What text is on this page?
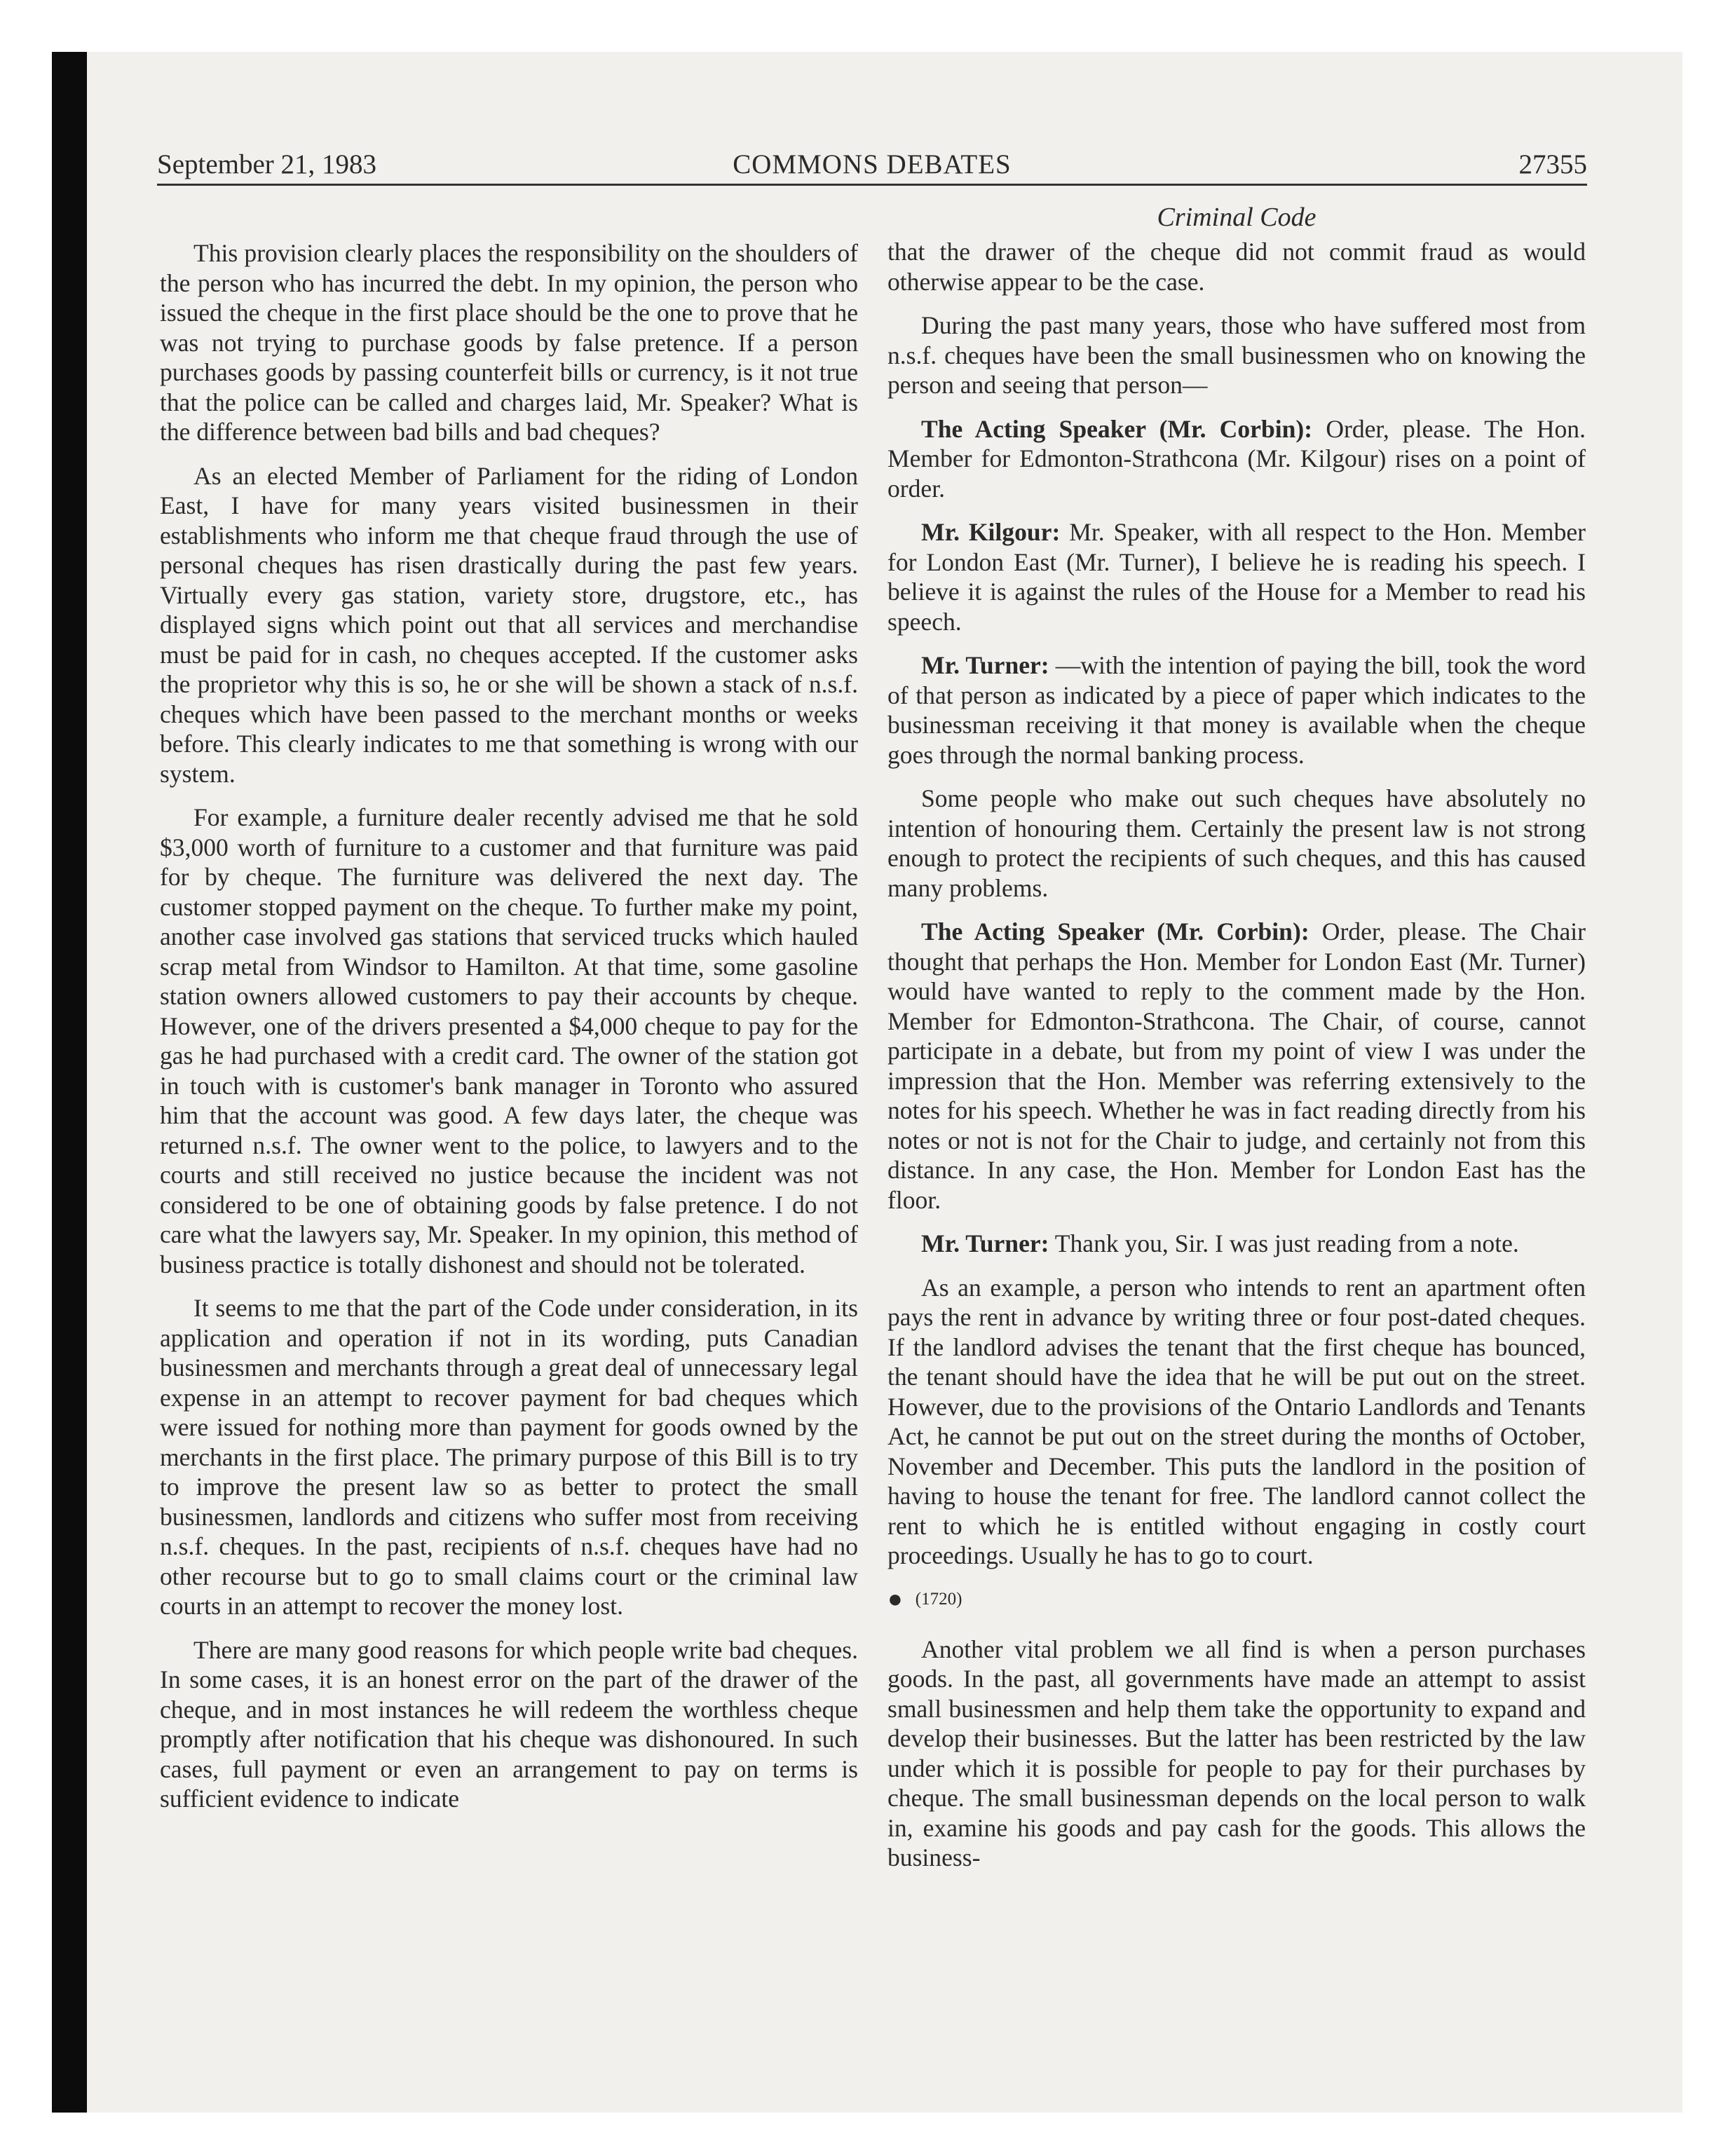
September 21, 1983	COMMONS DEBATES	27355
Criminal Code

This provision clearly places the responsibility on the shoulders of the person who has incurred the debt. In my opinion, the person who issued the cheque in the first place should be the one to prove that he was not trying to purchase goods by false pretence. If a person purchases goods by passing counterfeit bills or currency, is it not true that the police can be called and charges laid, Mr. Speaker? What is the difference between bad bills and bad cheques?

As an elected Member of Parliament for the riding of London East, I have for many years visited businessmen in their establishments who inform me that cheque fraud through the use of personal cheques has risen drastically during the past few years. Virtually every gas station, variety store, drugstore, etc., has displayed signs which point out that all services and merchandise must be paid for in cash, no cheques accepted. If the customer asks the proprietor why this is so, he or she will be shown a stack of n.s.f. cheques which have been passed to the merchant months or weeks before. This clearly indicates to me that something is wrong with our system.

For example, a furniture dealer recently advised me that he sold $3,000 worth of furniture to a customer and that furniture was paid for by cheque. The furniture was delivered the next day. The customer stopped payment on the cheque. To further make my point, another case involved gas stations that serviced trucks which hauled scrap metal from Windsor to Hamilton. At that time, some gasoline station owners allowed customers to pay their accounts by cheque. However, one of the drivers presented a $4,000 cheque to pay for the gas he had purchased with a credit card. The owner of the station got in touch with is customer's bank manager in Toronto who assured him that the account was good. A few days later, the cheque was returned n.s.f. The owner went to the police, to lawyers and to the courts and still received no justice because the incident was not considered to be one of obtaining goods by false pretence. I do not care what the lawyers say, Mr. Speaker. In my opinion, this method of business practice is totally dishonest and should not be tolerated.

It seems to me that the part of the Code under consideration, in its application and operation if not in its wording, puts Canadian businessmen and merchants through a great deal of unnecessary legal expense in an attempt to recover payment for bad cheques which were issued for nothing more than payment for goods owned by the merchants in the first place. The primary purpose of this Bill is to try to improve the present law so as better to protect the small businessmen, landlords and citizens who suffer most from receiving n.s.f. cheques. In the past, recipients of n.s.f. cheques have had no other recourse but to go to small claims court or the criminal law courts in an attempt to recover the money lost.

There are many good reasons for which people write bad cheques. In some cases, it is an honest error on the part of the drawer of the cheque, and in most instances he will redeem the worthless cheque promptly after notification that his cheque was dishonoured. In such cases, full payment or even an arrangement to pay on terms is sufficient evidence to indicate

that the drawer of the cheque did not commit fraud as would otherwise appear to be the case.

During the past many years, those who have suffered most from n.s.f. cheques have been the small businessmen who on knowing the person and seeing that person—

The Acting Speaker (Mr. Corbin): Order, please. The Hon. Member for Edmonton-Strathcona (Mr. Kilgour) rises on a point of order.

Mr. Kilgour: Mr. Speaker, with all respect to the Hon. Member for London East (Mr. Turner), I believe he is reading his speech. I believe it is against the rules of the House for a Member to read his speech.

Mr. Turner: —with the intention of paying the bill, took the word of that person as indicated by a piece of paper which indicates to the businessman receiving it that money is available when the cheque goes through the normal banking process.

Some people who make out such cheques have absolutely no intention of honouring them. Certainly the present law is not strong enough to protect the recipients of such cheques, and this has caused many problems.

The Acting Speaker (Mr. Corbin): Order, please. The Chair thought that perhaps the Hon. Member for London East (Mr. Turner) would have wanted to reply to the comment made by the Hon. Member for Edmonton-Strathcona. The Chair, of course, cannot participate in a debate, but from my point of view I was under the impression that the Hon. Member was referring extensively to the notes for his speech. Whether he was in fact reading directly from his notes or not is not for the Chair to judge, and certainly not from this distance. In any case, the Hon. Member for London East has the floor.

Mr. Turner: Thank you, Sir. I was just reading from a note.

As an example, a person who intends to rent an apartment often pays the rent in advance by writing three or four post-dated cheques. If the landlord advises the tenant that the first cheque has bounced, the tenant should have the idea that he will be put out on the street. However, due to the provisions of the Ontario Landlords and Tenants Act, he cannot be put out on the street during the months of October, November and December. This puts the landlord in the position of having to house the tenant for free. The landlord cannot collect the rent to which he is entitled without engaging in costly court proceedings. Usually he has to go to court.

● (1720)

Another vital problem we all find is when a person purchases goods. In the past, all governments have made an attempt to assist small businessmen and help them take the opportunity to expand and develop their businesses. But the latter has been restricted by the law under which it is possible for people to pay for their purchases by cheque. The small businessman depends on the local person to walk in, examine his goods and pay cash for the goods. This allows the business-
